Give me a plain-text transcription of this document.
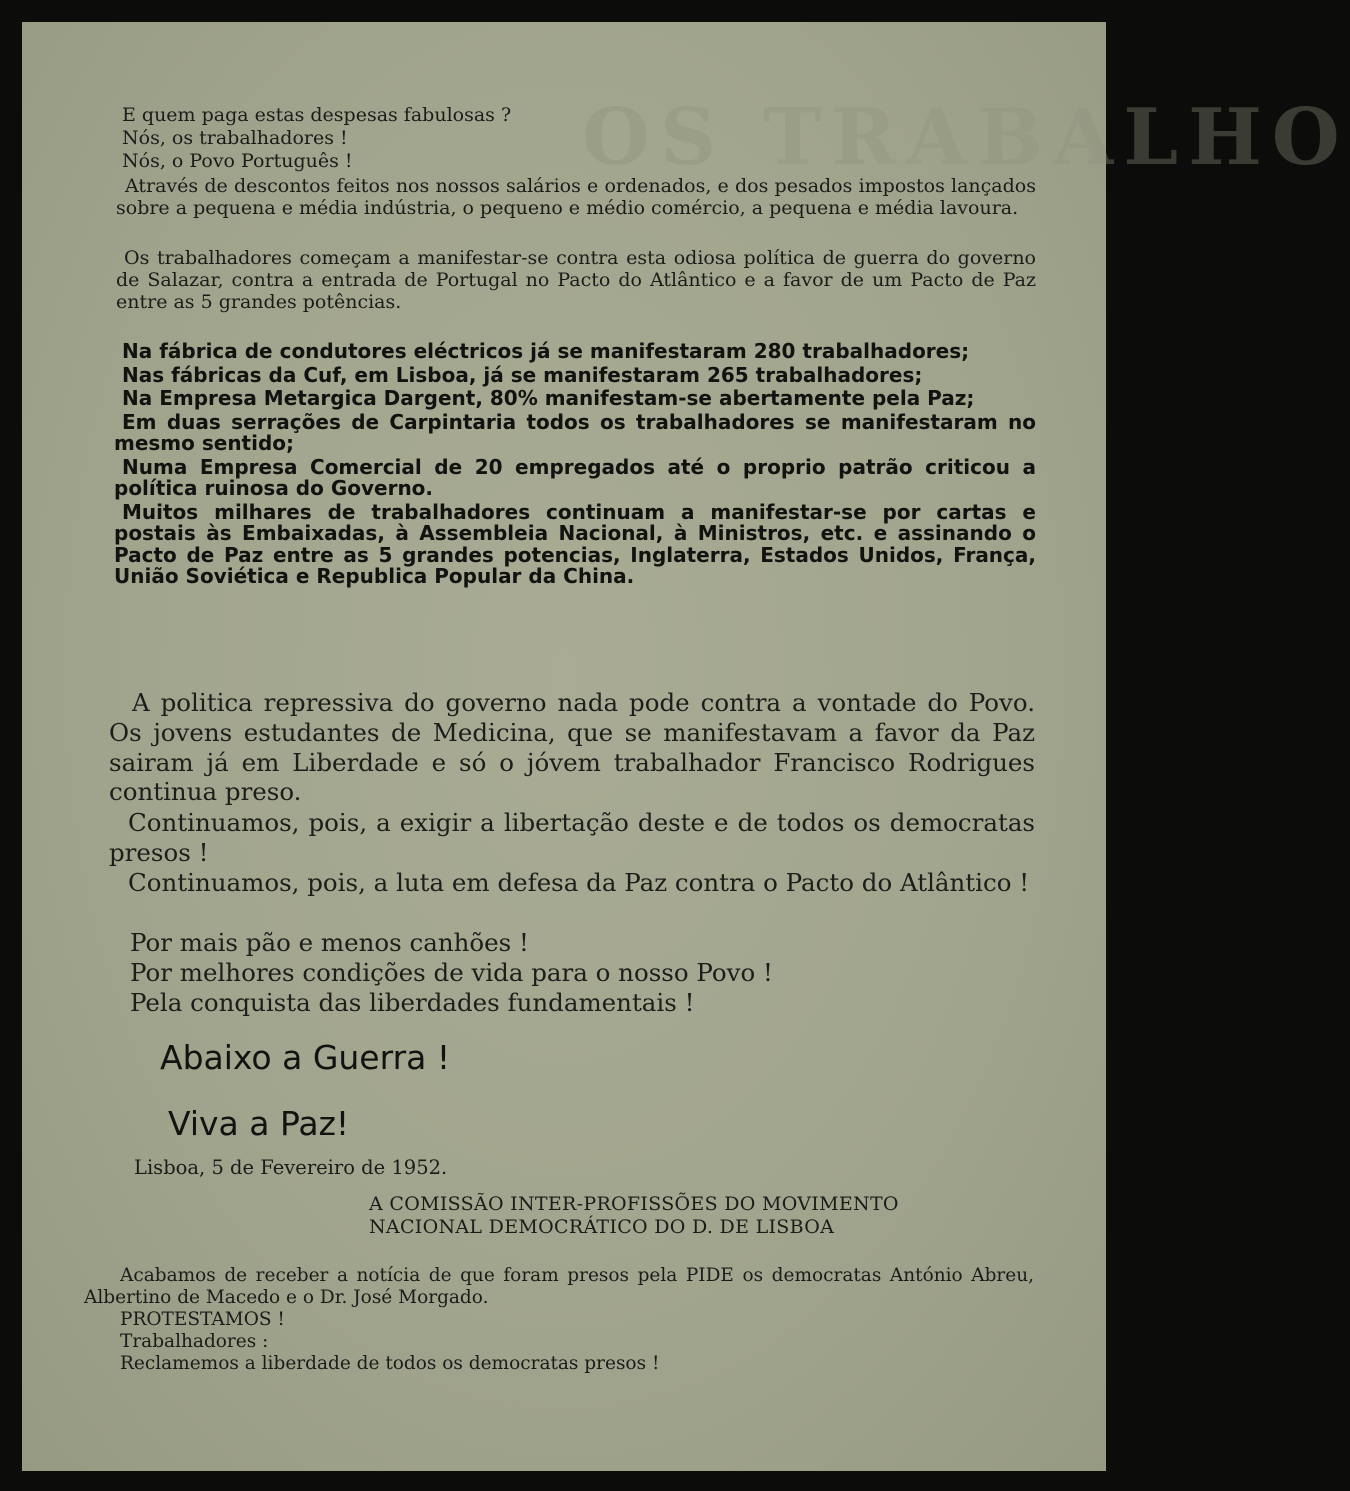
OS TRABALHO
E quem paga estas despesas fabulosas ?
Nós, os trabalhadores !
Nós, o Povo Português !
Através de descontos feitos nos nossos salários e ordenados, e dos pesados impostos lançados sobre a pequena e média indústria, o pequeno e médio comércio, a pequena e média lavoura.
Os trabalhadores começam a manifestar-se contra esta odiosa política de guerra do governo de Salazar, contra a entrada de Portugal no Pacto do Atlântico e a favor de um Pacto de Paz entre as 5 grandes potências.
Na fábrica de condutores eléctricos já se manifestaram 280 trabalhadores;
Nas fábricas da Cuf, em Lisboa, já se manifestaram 265 trabalhadores;
Na Empresa Metargica Dargent, 80% manifestam-se abertamente pela Paz;
Em duas serrações de Carpintaria todos os trabalhadores se manifestaram no mesmo sentido;
Numa Empresa Comercial de 20 empregados até o proprio patrão criticou a política ruinosa do Governo.
Muitos milhares de trabalhadores continuam a manifestar-se por cartas e postais às Embaixadas, à Assembleia Nacional, à Ministros, etc. e assinando o Pacto de Paz entre as 5 grandes potencias, Inglaterra, Estados Unidos, França, União Soviética e Republica Popular da China.
A politica repressiva do governo nada pode contra a vontade do Povo. Os jovens estudantes de Medicina, que se manifestavam a favor da Paz sairam já em Liberdade e só o jóvem trabalhador Francisco Rodrigues continua preso.
Continuamos, pois, a exigir a libertação deste e de todos os democratas presos !
Continuamos, pois, a luta em defesa da Paz contra o Pacto do Atlântico !
Por mais pão e menos canhões !
Por melhores condições de vida para o nosso Povo !
Pela conquista das liberdades fundamentais !
Abaixo a Guerra !
Viva a Paz!
Lisboa, 5 de Fevereiro de 1952.
A COMISSÃO INTER-PROFISSÕES DO MOVIMENTO
NACIONAL DEMOCRÁTICO DO D. DE LISBOA
Acabamos de receber a notícia de que foram presos pela PIDE os democratas António Abreu, Albertino de Macedo e o Dr. José Morgado.
PROTESTAMOS !
Trabalhadores :
Reclamemos a liberdade de todos os democratas presos !
